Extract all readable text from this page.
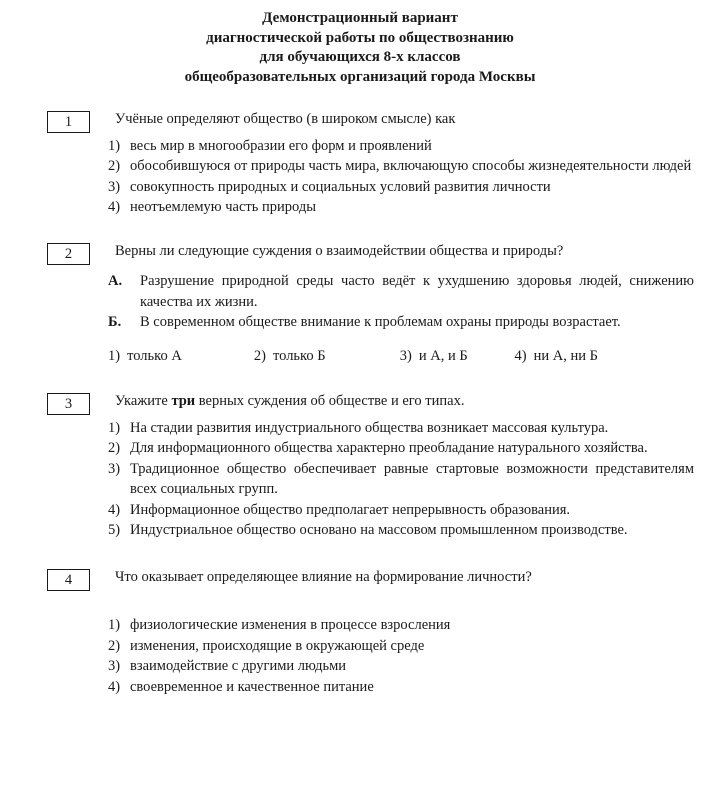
Демонстрационный вариант
диагностической работы по обществознанию
для обучающихся 8-х классов
общеобразовательных организаций города Москвы
1	Учёные определяют общество (в широком смысле) как

1) весь мир в многообразии его форм и проявлений
2) обособившуюся от природы часть мира, включающую способы жизнедеятельности людей
3) совокупность природных и социальных условий развития личности
4) неотъемлемую часть природы
2	Верны ли следующие суждения о взаимодействии общества и природы?

А.	Разрушение природной среды часто ведёт к ухудшению здоровья людей, снижению качества их жизни.
Б.	В современном обществе внимание к проблемам охраны природы возрастает.
1) только А	2) только Б	3) и А, и Б	4) ни А, ни Б
3	Укажите три верных суждения об обществе и его типах.

1) На стадии развития индустриального общества возникает массовая культура.
2) Для информационного общества характерно преобладание натурального хозяйства.
3) Традиционное общество обеспечивает равные стартовые возможности представителям всех социальных групп.
4) Информационное общество предполагает непрерывность образования.
5) Индустриальное общество основано на массовом промышленном производстве.
4	Что оказывает определяющее влияние на формирование личности?

1) физиологические изменения в процессе взросления
2) изменения, происходящие в окружающей среде
3) взаимодействие с другими людьми
4) своевременное и качественное питание
